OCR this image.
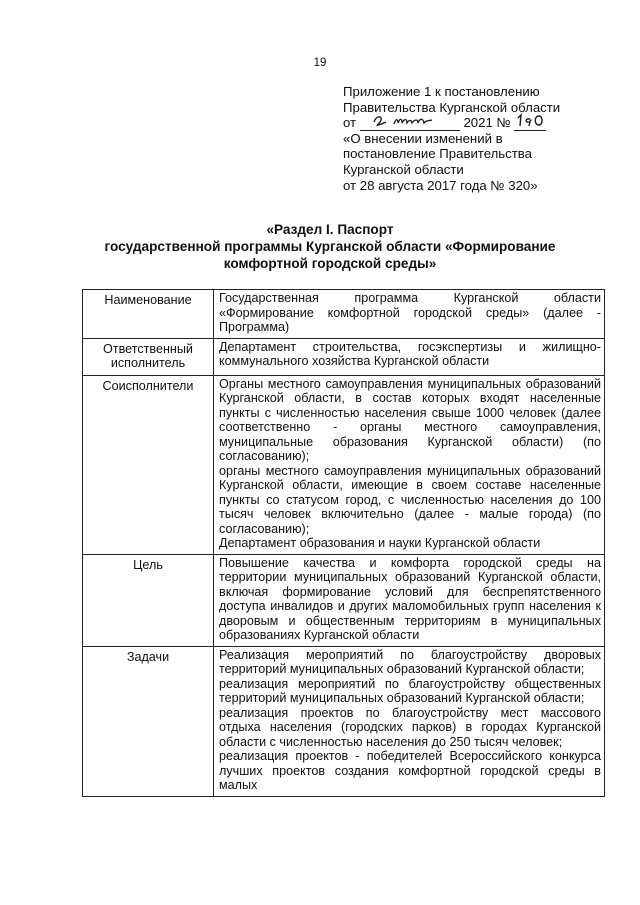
19
Приложение 1 к постановлению
Правительства Курганской области
от	2021 №
«О внесении изменений в
постановление Правительства
Курганской области
от 28 августа 2017 года № 320»
«Раздел I. Паспорт
государственной программы Курганской области «Формирование
комфортной городской среды»
Наименование	Государственная программа Курганской области «Формирование комфортной городской среды» (далее - Программа)

Ответственный исполнитель	Департамент строительства, госэкспертизы и жилищно-коммунального хозяйства Курганской области

Соисполнители	Органы местного самоуправления муниципальных образований Курганской области, в состав которых входят населенные пункты с численностью населения свыше 1000 человек (далее соответственно - органы местного самоуправления, муниципальные образования Курганской области) (по согласованию);
органы местного самоуправления муниципальных образований Курганской области, имеющие в своем составе населенные пункты со статусом город, с численностью населения до 100 тысяч человек включительно (далее - малые города) (по согласованию);
Департамент образования и науки Курганской области

Цель	Повышение качества и комфорта городской среды на территории муниципальных образований Курганской области, включая формирование условий для беспрепятственного доступа инвалидов и других маломобильных групп населения к дворовым и общественным территориям в муниципальных образованиях Курганской области

Задачи	Реализация мероприятий по благоустройству дворовых территорий муниципальных образований Курганской области;
реализация мероприятий по благоустройству общественных территорий муниципальных образований Курганской области;
реализация проектов по благоустройству мест массового отдыха населения (городских парков) в городах Курганской области с численностью населения до 250 тысяч человек;
реализация проектов - победителей Всероссийского конкурса лучших проектов создания комфортной городской среды в малых
